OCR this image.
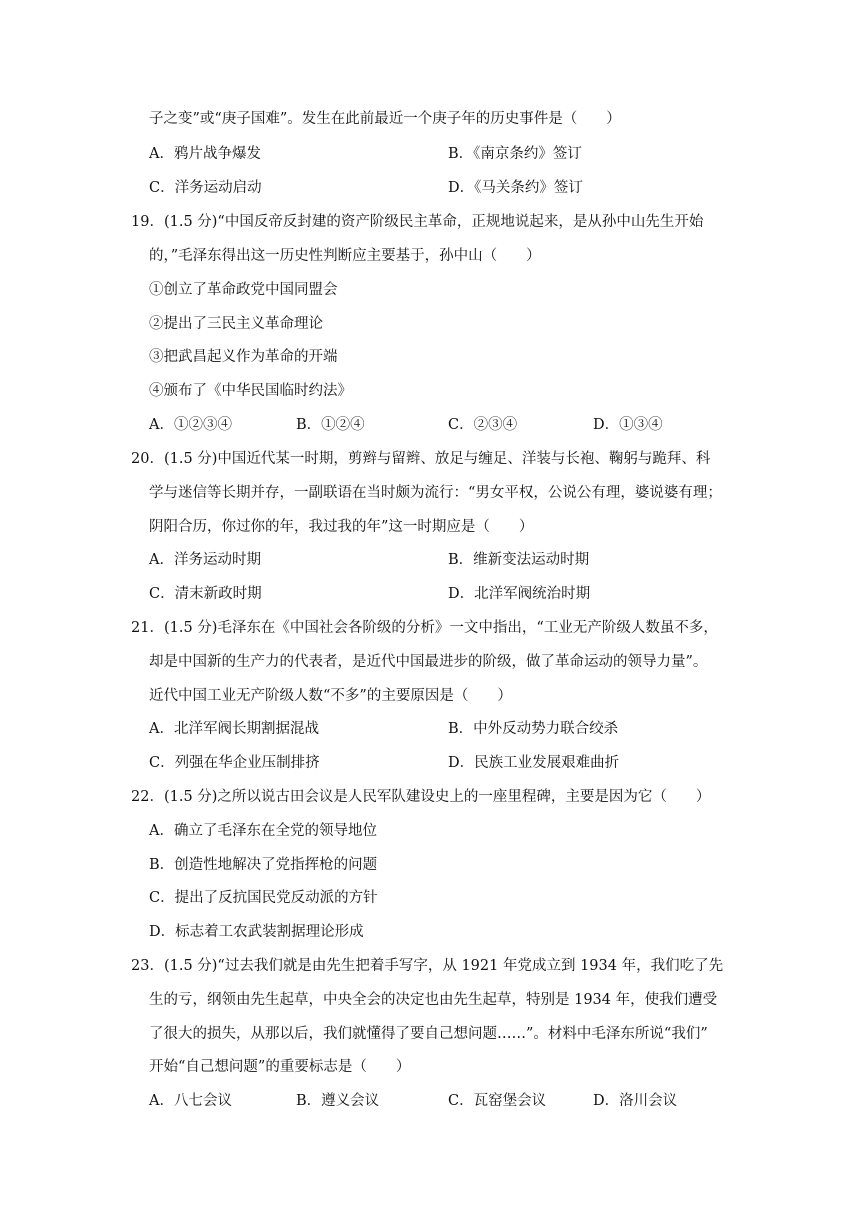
子之变”或“庚子国难”。发生在此前最近一个庚子年的历史事件是（　　）
A．鸦片战争爆发	B．《南京条约》签订
C．洋务运动启动	D．《马关条约》签订
19．(1.5 分)“中国反帝反封建的资产阶级民主革命，正规地说起来，是从孙中山先生开始
的，”毛泽东得出这一历史性判断应主要基于，孙中山（　　）
①创立了革命政党中国同盟会
②提出了三民主义革命理论
③把武昌起义作为革命的开端
④颁布了《中华民国临时约法》
A．①②③④	B．①②④	C．②③④	D．①③④
20．(1.5 分)中国近代某一时期，剪辫与留辫、放足与缠足、洋装与长袍、鞠躬与跪拜、科
学与迷信等长期并存，一副联语在当时颇为流行：“男女平权，公说公有理，婆说婆有理；
阴阳合历，你过你的年，我过我的年”这一时期应是（　　）
A．洋务运动时期	B．维新变法运动时期
C．清末新政时期	D．北洋军阀统治时期
21．(1.5 分)毛泽东在《中国社会各阶级的分析》一文中指出，“工业无产阶级人数虽不多，
却是中国新的生产力的代表者，是近代中国最进步的阶级，做了革命运动的领导力量”。
近代中国工业无产阶级人数“不多”的主要原因是（　　）
A．北洋军阀长期割据混战	B．中外反动势力联合绞杀
C．列强在华企业压制排挤	D．民族工业发展艰难曲折
22．(1.5 分)之所以说古田会议是人民军队建设史上的一座里程碑，主要是因为它（　　）
A．确立了毛泽东在全党的领导地位
B．创造性地解决了党指挥枪的问题
C．提出了反抗国民党反动派的方针
D．标志着工农武装割据理论形成
23．(1.5 分)“过去我们就是由先生把着手写字，从 1921 年党成立到 1934 年，我们吃了先
生的亏，纲领由先生起草，中央全会的决定也由先生起草，特别是 1934 年，使我们遭受
了很大的损失，从那以后，我们就懂得了要自己想问题……”。材料中毛泽东所说“我们”
开始“自己想问题”的重要标志是（　　）
A．八七会议	B．遵义会议	C．瓦窑堡会议	D．洛川会议
